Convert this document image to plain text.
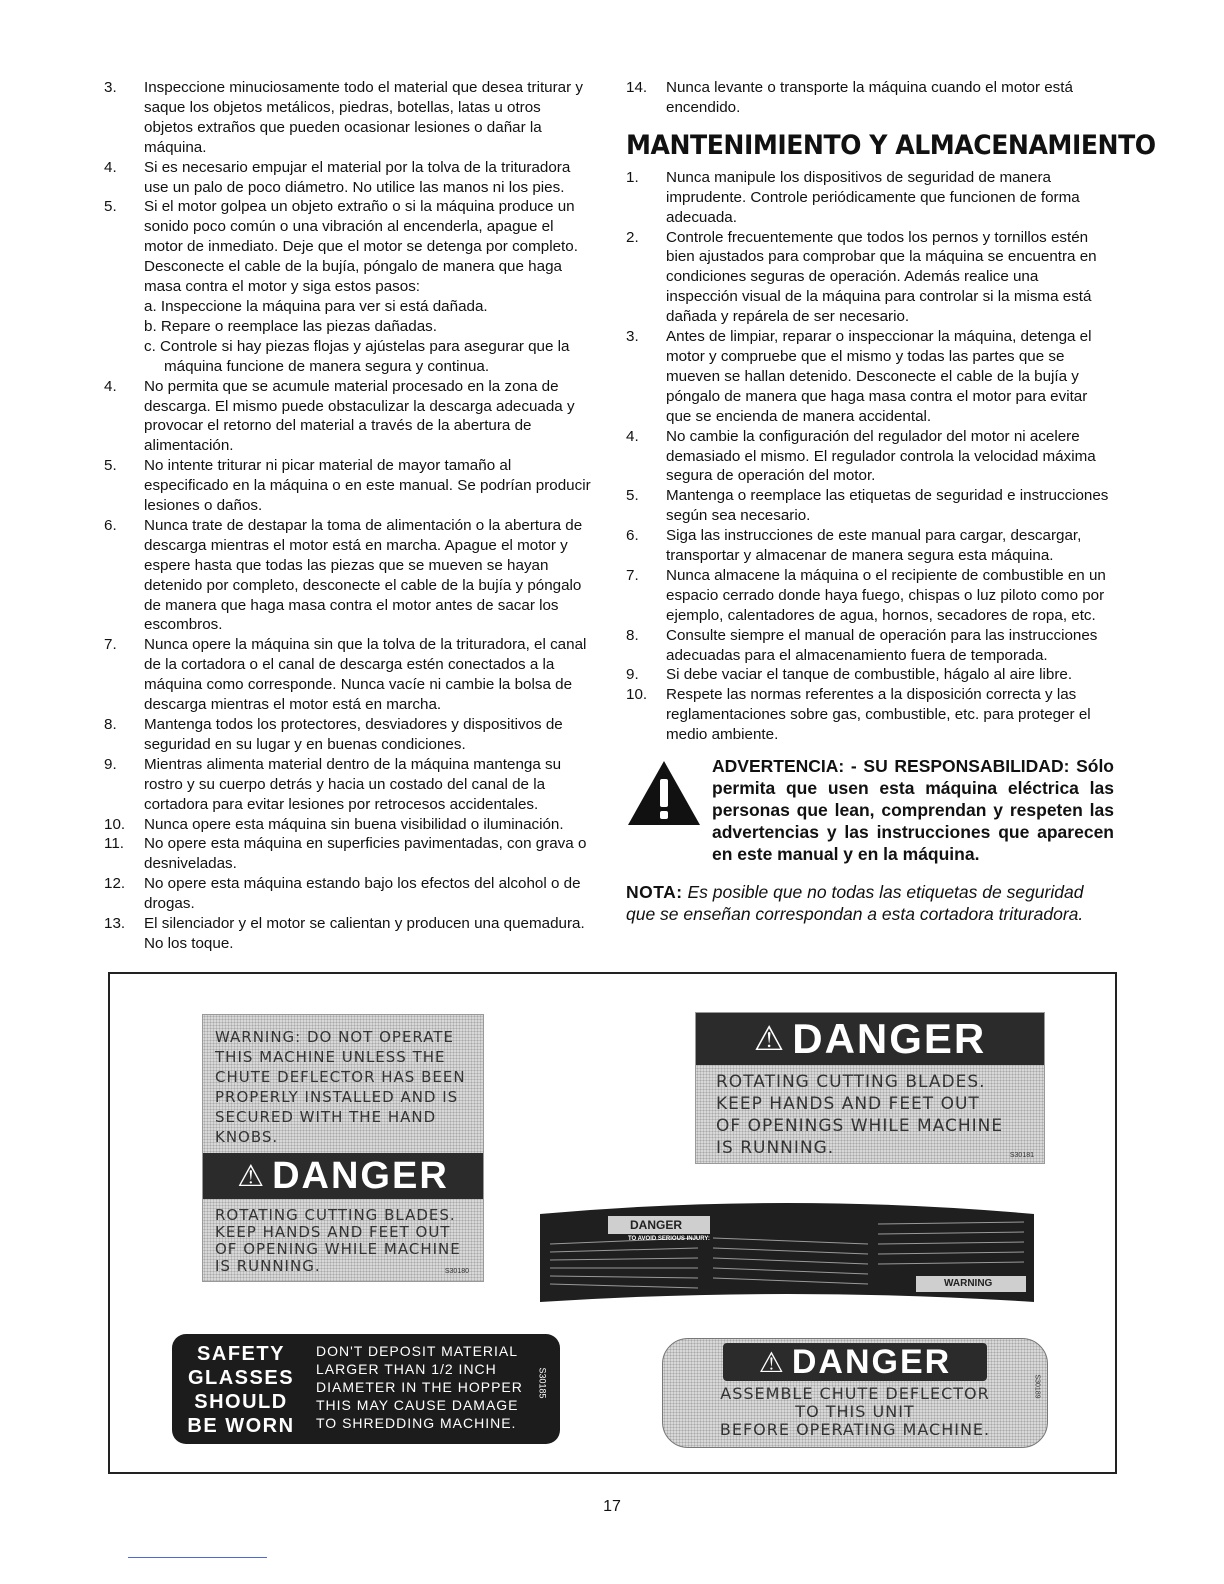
3. Inspeccione minuciosamente todo el material que desea triturar y saque los objetos metálicos, piedras, botellas, latas u otros objetos extraños que pueden ocasionar lesiones o dañar la máquina.
4. Si es necesario empujar el material por la tolva de la trituradora use un palo de poco diámetro. No utilice las manos ni los pies.
5. Si el motor golpea un objeto extraño o si la máquina produce un sonido poco común o una vibración al encenderla, apague el motor de inmediato. Deje que el motor se detenga por completo. Desconecte el cable de la bujía, póngalo de manera que haga masa contra el motor y siga estos pasos:
a. Inspeccione la máquina para ver si está dañada.
b. Repare o reemplace las piezas dañadas.
c. Controle si hay piezas flojas y ajústelas para asegurar que la máquina funcione de manera segura y continua.
4. No permita que se acumule material procesado en la zona de descarga. El mismo puede obstaculizar la descarga adecuada y provocar el retorno del material a través de la abertura de alimentación.
5. No intente triturar ni picar material de mayor tamaño al especificado en la máquina o en este manual. Se podrían producir lesiones o daños.
6. Nunca trate de destapar la toma de alimentación o la abertura de descarga mientras el motor está en marcha. Apague el motor y espere hasta que todas las piezas que se mueven se hayan detenido por completo, desconecte el cable de la bujía y póngalo de manera que haga masa contra el motor antes de sacar los escombros.
7. Nunca opere la máquina sin que la tolva de la trituradora, el canal de la cortadora o el canal de descarga estén conectados a la máquina como corresponde. Nunca vacíe ni cambie la bolsa de descarga mientras el motor está en marcha.
8. Mantenga todos los protectores, desviadores y dispositivos de seguridad en su lugar y en buenas condiciones.
9. Mientras alimenta material dentro de la máquina mantenga su rostro y su cuerpo detrás y hacia un costado del canal de la cortadora para evitar lesiones por retrocesos accidentales.
10. Nunca opere esta máquina sin buena visibilidad o iluminación.
11. No opere esta máquina en superficies pavimentadas, con grava o desniveladas.
12. No opere esta máquina estando bajo los efectos del alcohol o de drogas.
13. El silenciador y el motor se calientan y producen una quemadura. No los toque.
14. Nunca levante o transporte la máquina cuando el motor está encendido.
MANTENIMIENTO Y ALMACENAMIENTO
1. Nunca manipule los dispositivos de seguridad de manera imprudente. Controle periódicamente que funcionen de forma adecuada.
2. Controle frecuentemente que todos los pernos y tornillos estén bien ajustados para comprobar que la máquina se encuentra en condiciones seguras de operación. Además realice una inspección visual de la máquina para controlar si la misma está dañada y repárela de ser necesario.
3. Antes de limpiar, reparar o inspeccionar la máquina, detenga el motor y compruebe que el mismo y todas las partes que se mueven se hallan detenido. Desconecte el cable de la bujía y póngalo de manera que haga masa contra el motor para evitar que se encienda de manera accidental.
4. No cambie la configuración del regulador del motor ni acelere demasiado el mismo. El regulador controla la velocidad máxima segura de operación del motor.
5. Mantenga o reemplace las etiquetas de seguridad e instrucciones según sea necesario.
6. Siga las instrucciones de este manual para cargar, descargar, transportar y almacenar de manera segura esta máquina.
7. Nunca almacene la máquina o el recipiente de combustible en un espacio cerrado donde haya fuego, chispas o luz piloto como por ejemplo, calentadores de agua, hornos, secadores de ropa, etc.
8. Consulte siempre el manual de operación para las instrucciones adecuadas para el almacenamiento fuera de temporada.
9. Si debe vaciar el tanque de combustible, hágalo al aire libre.
10. Respete las normas referentes a la disposición correcta y las reglamentaciones sobre gas, combustible, etc. para proteger el medio ambiente.
ADVERTENCIA: - SU RESPONSABILIDAD: Sólo permita que usen esta máquina eléctrica las personas que lean, comprendan y respeten las advertencias y las instrucciones que aparecen en este manual y en la máquina.
NOTA: Es posible que no todas las etiquetas de seguridad que se enseñan correspondan a esta cortadora trituradora.
WARNING: DO NOT OPERATE
THIS MACHINE UNLESS THE
CHUTE DEFLECTOR HAS BEEN
PROPERLY INSTALLED AND IS
SECURED WITH THE HAND
KNOBS.
⚠ DANGER
ROTATING CUTTING BLADES.
KEEP HANDS AND FEET OUT
OF OPENING WHILE MACHINE
IS RUNNING.	S30180
⚠ DANGER
ROTATING CUTTING BLADES.
KEEP HANDS AND FEET OUT
OF OPENINGS WHILE MACHINE
IS RUNNING.	S30181
DANGER
TO AVOID SERIOUS INJURY:
WARNING
SAFETY
GLASSES
SHOULD
BE WORN
DON'T DEPOSIT MATERIAL
LARGER THAN 1/2 INCH
DIAMETER IN THE HOPPER
THIS MAY CAUSE DAMAGE
TO SHREDDING MACHINE.
S30185
⚠ DANGER
ASSEMBLE CHUTE DEFLECTOR
TO THIS UNIT
BEFORE OPERATING MACHINE.
S30189
17
